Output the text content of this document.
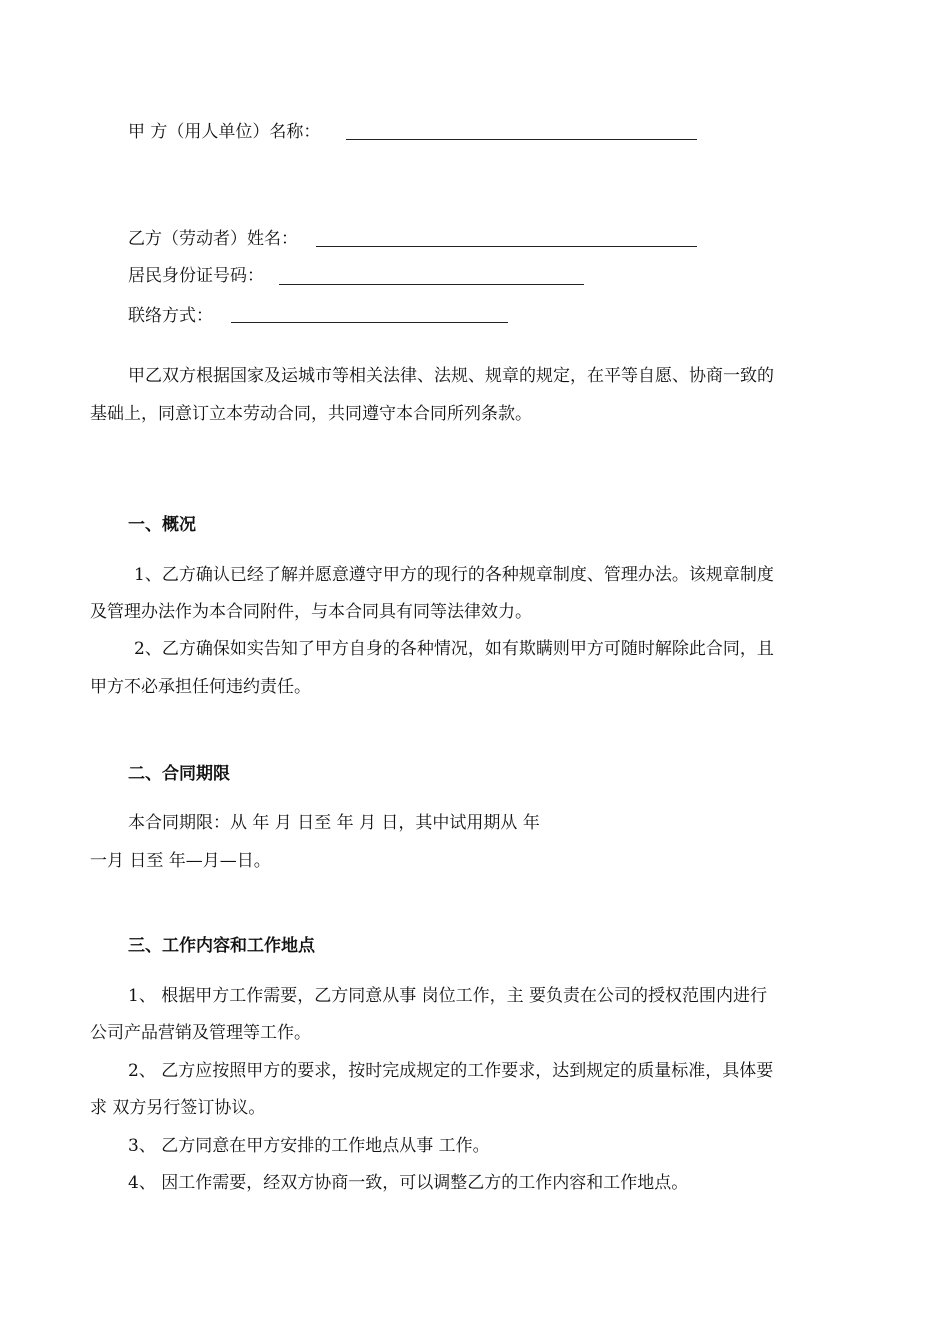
甲 方（用人单位）名称：
乙方（劳动者）姓名：
居民身份证号码：
联络方式：
甲乙双方根据国家及运城市等相关法律、法规、规章的规定，在平等自愿、协商一致的
基础上，同意订立本劳动合同，共同遵守本合同所列条款。
一、概况
1、乙方确认已经了解并愿意遵守甲方的现行的各种规章制度、管理办法。该规章制度
及管理办法作为本合同附件，与本合同具有同等法律效力。
2、乙方确保如实告知了甲方自身的各种情况，如有欺瞒则甲方可随时解除此合同，且
甲方不必承担任何违约责任。
二、合同期限
本合同期限：从 年 月 日至 年 月 日，其中试用期从 年
一月 日至 年—月—日。
三、工作内容和工作地点
1、 根据甲方工作需要，乙方同意从事 岗位工作，主 要负责在公司的授权范围内进行
公司产品营销及管理等工作。
2、 乙方应按照甲方的要求，按时完成规定的工作要求，达到规定的质量标准，具体要
求 双方另行签订协议。
3、 乙方同意在甲方安排的工作地点从事 工作。
4、 因工作需要，经双方协商一致，可以调整乙方的工作内容和工作地点。
